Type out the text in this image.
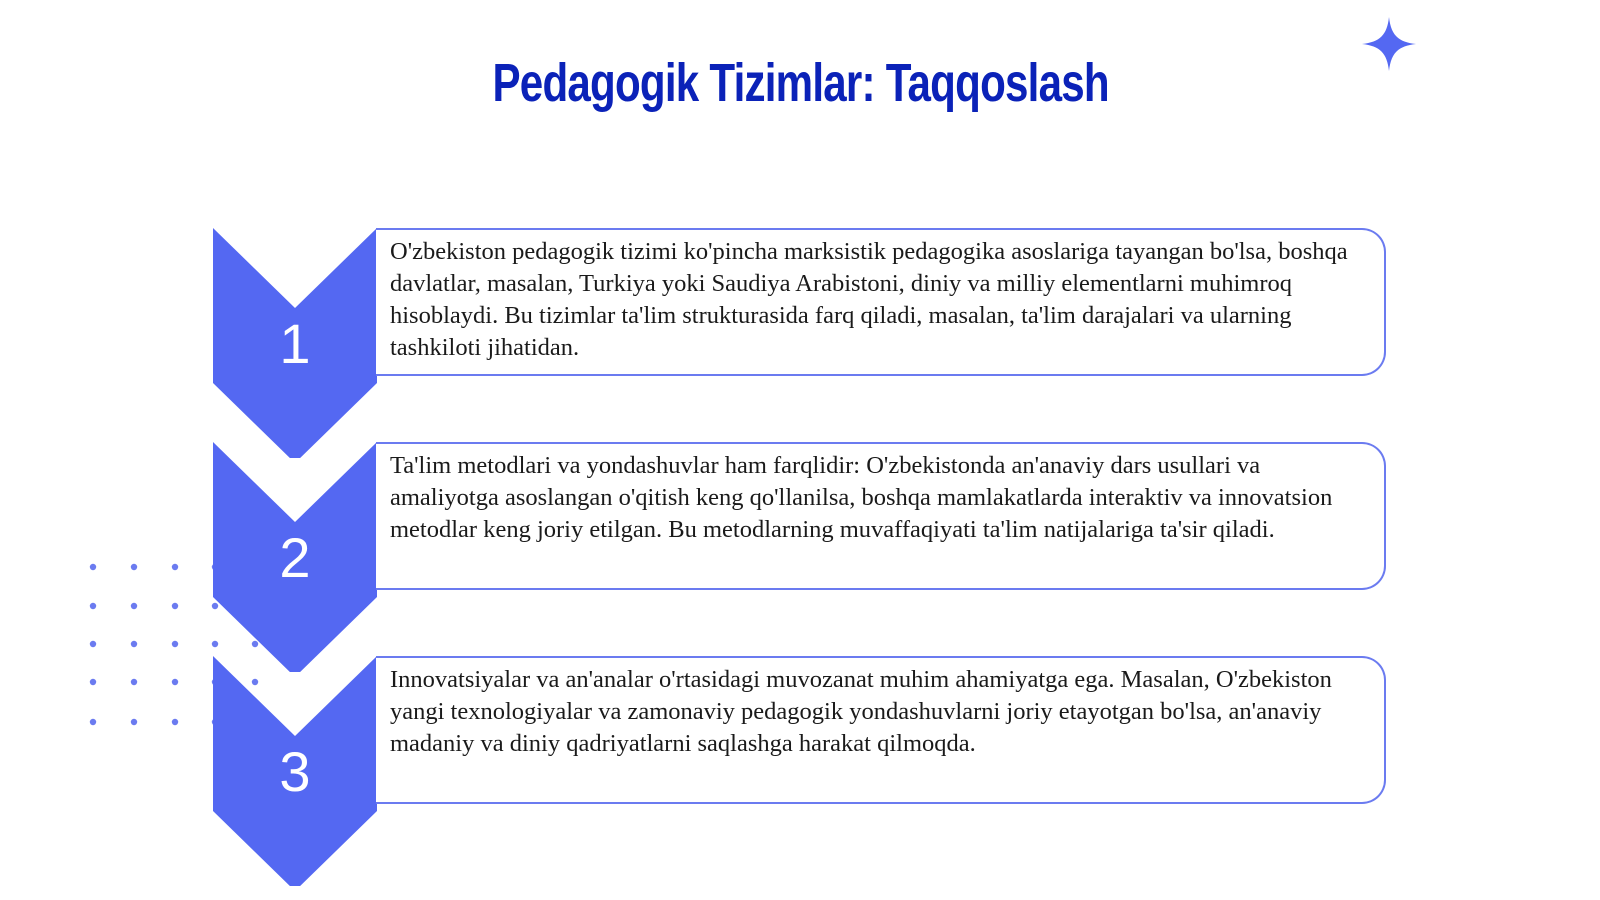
Pedagogik Tizimlar: Taqqoslash
1
O'zbekiston pedagogik tizimi ko'pincha marksistik pedagogika asoslariga tayangan bo'lsa, boshqa davlatlar, masalan, Turkiya yoki Saudiya Arabistoni, diniy va milliy elementlarni muhimroq hisoblaydi. Bu tizimlar ta'lim strukturasida farq qiladi, masalan, ta'lim darajalari va ularning tashkiloti jihatidan.
2
Ta'lim metodlari va yondashuvlar ham farqlidir: O'zbekistonda an'anaviy dars usullari va amaliyotga asoslangan o'qitish keng qo'llanilsa, boshqa mamlakatlarda interaktiv va innovatsion metodlar keng joriy etilgan. Bu metodlarning muvaffaqiyati ta'lim natijalariga ta'sir qiladi.
3
Innovatsiyalar va an'analar o'rtasidagi muvozanat muhim ahamiyatga ega. Masalan, O'zbekiston yangi texnologiyalar va zamonaviy pedagogik yondashuvlarni joriy etayotgan bo'lsa, an'anaviy madaniy va diniy qadriyatlarni saqlashga harakat qilmoqda.
